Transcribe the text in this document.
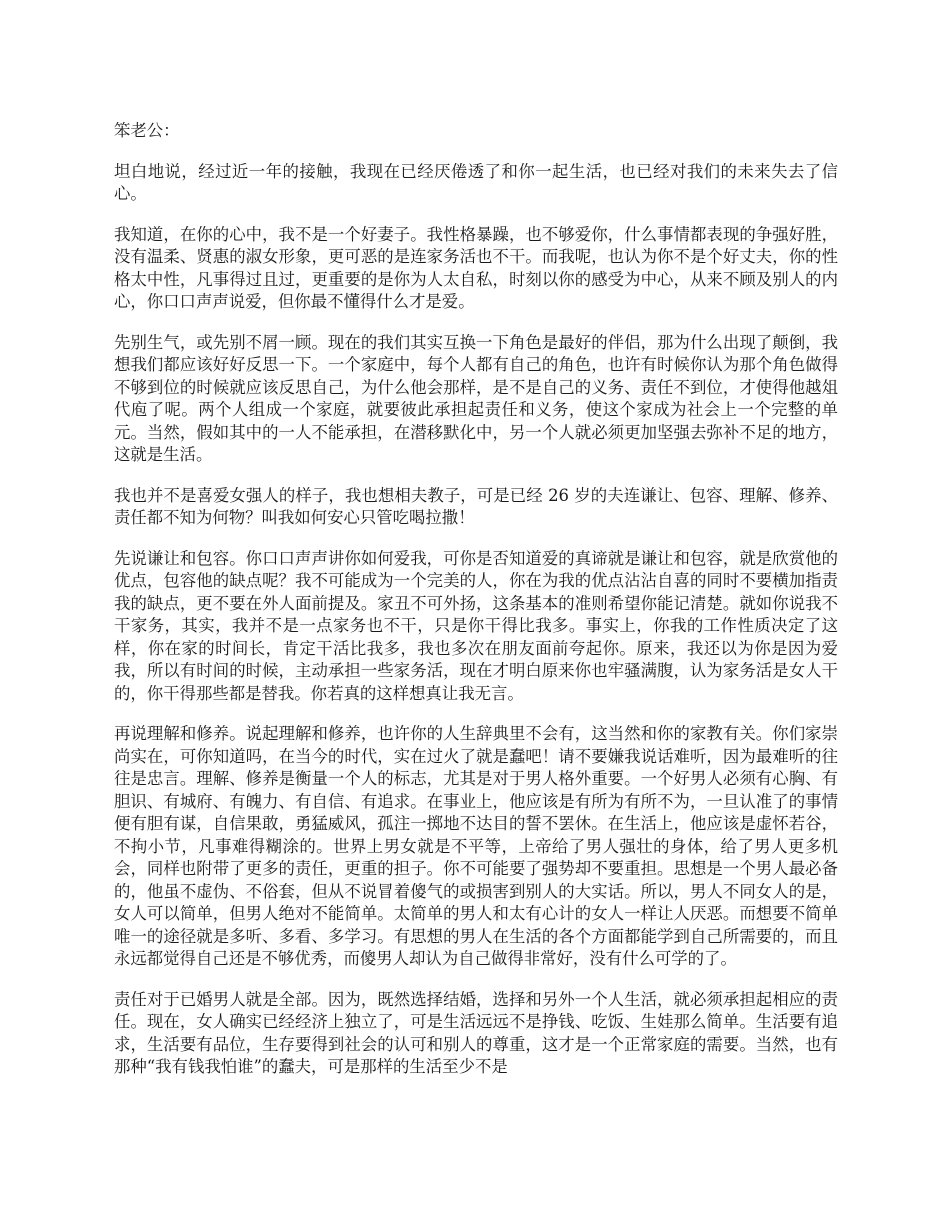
笨老公：

坦白地说，经过近一年的接触，我现在已经厌倦透了和你一起生活，也已经对我们的未来失去了信心。

我知道，在你的心中，我不是一个好妻子。我性格暴躁，也不够爱你，什么事情都表现的争强好胜，没有温柔、贤惠的淑女形象，更可恶的是连家务活也不干。而我呢，也认为你不是个好丈夫，你的性格太中性，凡事得过且过，更重要的是你为人太自私，时刻以你的感受为中心，从来不顾及别人的内心，你口口声声说爱，但你最不懂得什么才是爱。

先别生气，或先别不屑一顾。现在的我们其实互换一下角色是最好的伴侣，那为什么出现了颠倒，我想我们都应该好好反思一下。一个家庭中，每个人都有自己的角色，也许有时候你认为那个角色做得不够到位的时候就应该反思自己，为什么他会那样，是不是自己的义务、责任不到位，才使得他越俎代庖了呢。两个人组成一个家庭，就要彼此承担起责任和义务，使这个家成为社会上一个完整的单元。当然，假如其中的一人不能承担，在潜移默化中，另一个人就必须更加坚强去弥补不足的地方，这就是生活。

我也并不是喜爱女强人的样子，我也想相夫教子，可是已经 26 岁的夫连谦让、包容、理解、修养、责任都不知为何物？叫我如何安心只管吃喝拉撒！

先说谦让和包容。你口口声声讲你如何爱我，可你是否知道爱的真谛就是谦让和包容，就是欣赏他的优点，包容他的缺点呢？我不可能成为一个完美的人，你在为我的优点沾沾自喜的同时不要横加指责我的缺点，更不要在外人面前提及。家丑不可外扬，这条基本的准则希望你能记清楚。就如你说我不干家务，其实，我并不是一点家务也不干，只是你干得比我多。事实上，你我的工作性质决定了这样，你在家的时间长，肯定干活比我多，我也多次在朋友面前夸起你。原来，我还以为你是因为爱我，所以有时间的时候，主动承担一些家务活，现在才明白原来你也牢骚满腹，认为家务活是女人干的，你干得那些都是替我。你若真的这样想真让我无言。

再说理解和修养。说起理解和修养，也许你的人生辞典里不会有，这当然和你的家教有关。你们家崇尚实在，可你知道吗，在当今的时代，实在过火了就是蠢吧！请不要嫌我说话难听，因为最难听的往往是忠言。理解、修养是衡量一个人的标志，尤其是对于男人格外重要。一个好男人必须有心胸、有胆识、有城府、有魄力、有自信、有追求。在事业上，他应该是有所为有所不为，一旦认准了的事情便有胆有谋，自信果敢，勇猛威风，孤注一掷地不达目的誓不罢休。在生活上，他应该是虚怀若谷，不拘小节，凡事难得糊涂的。世界上男女就是不平等，上帝给了男人强壮的身体，给了男人更多机会，同样也附带了更多的责任，更重的担子。你不可能要了强势却不要重担。思想是一个男人最必备的，他虽不虚伪、不俗套，但从不说冒着傻气的或损害到别人的大实话。所以，男人不同女人的是，女人可以简单，但男人绝对不能简单。太简单的男人和太有心计的女人一样让人厌恶。而想要不简单唯一的途径就是多听、多看、多学习。有思想的男人在生活的各个方面都能学到自己所需要的，而且永远都觉得自己还是不够优秀，而傻男人却认为自己做得非常好，没有什么可学的了。

责任对于已婚男人就是全部。因为，既然选择结婚，选择和另外一个人生活，就必须承担起相应的责任。现在，女人确实已经经济上独立了，可是生活远远不是挣钱、吃饭、生娃那么简单。生活要有追求，生活要有品位，生存要得到社会的认可和别人的尊重，这才是一个正常家庭的需要。当然，也有那种“我有钱我怕谁”的蠢夫，可是那样的生活至少不是
